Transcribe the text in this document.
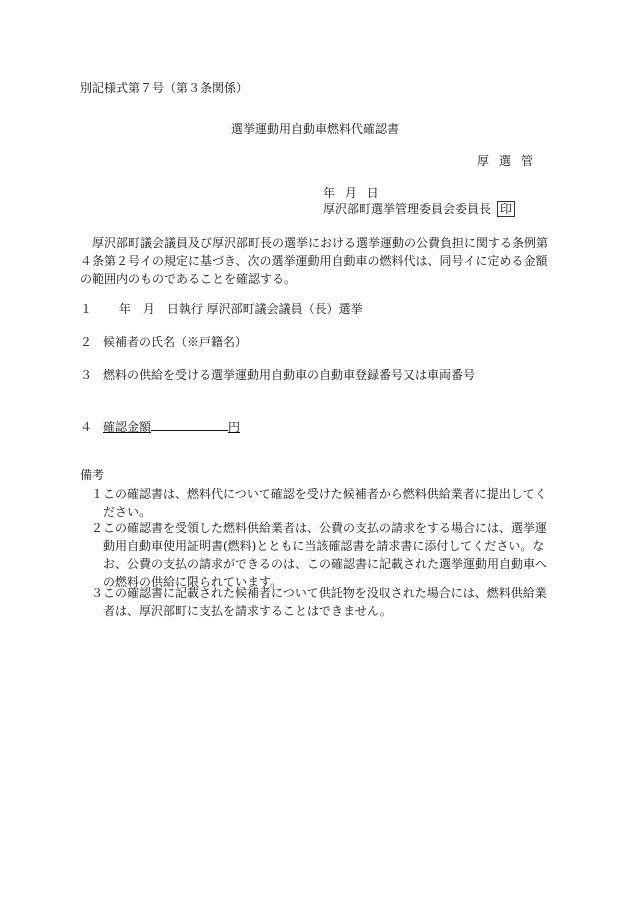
別記様式第７号（第３条関係）
選挙運動用自動車燃料代確認書
厚選管
年 月 日
厚沢部町選挙管理委員会委員長 印
厚沢部町議会議員及び厚沢部町長の選挙における選挙運動の公費負担に関する条例第４条第２号イの規定に基づき、次の選挙運動用自動車の燃料代は、同号イに定める金額の範囲内のものであることを確認する。
１　 年　月　日執行 厚沢部町議会議員（長）選挙
２ 候補者の氏名（※戸籍名）
３ 燃料の供給を受ける選挙運動用自動車の自動車登録番号又は車両番号
４ 確認金額	円
備考
１ この確認書は、燃料代について確認を受けた候補者から燃料供給業者に提出してください。
２ この確認書を受領した燃料供給業者は、公費の支払の請求をする場合には、選挙運動用自動車使用証明書(燃料)とともに当該確認書を請求書に添付してください。なお、公費の支払の請求ができるのは、この確認書に記載された選挙運動用自動車への燃料の供給に限られています。
３ この確認書に記載された候補者について供託物を没収された場合には、燃料供給業者は、厚沢部町に支払を請求することはできません。
